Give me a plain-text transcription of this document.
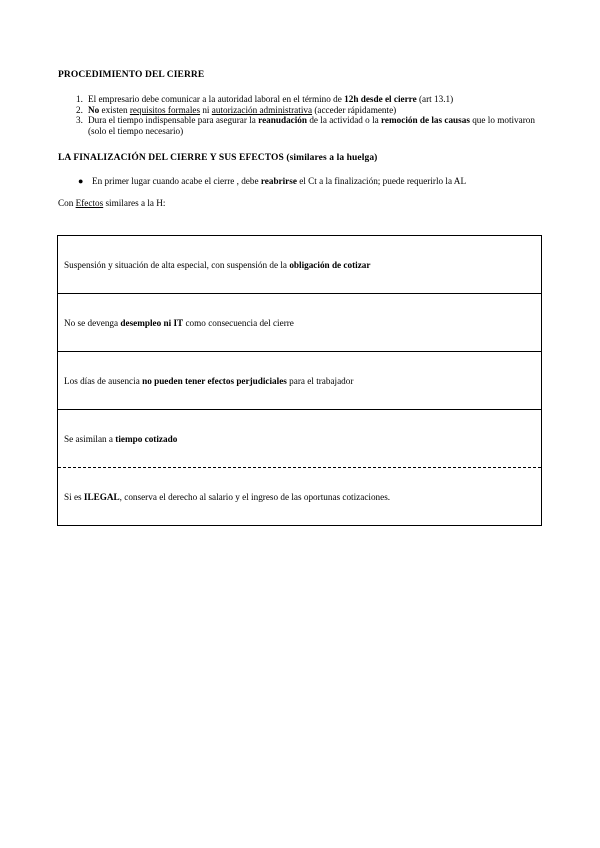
PROCEDIMIENTO DEL CIERRE
1. El empresario debe comunicar a la autoridad laboral en el término de 12h desde el cierre (art 13.1)
2. No existen requisitos formales ni autorización administrativa (acceder rápidamente)
3. Dura el tiempo indispensable para asegurar la reanudación de la actividad o la remoción de las causas que lo motivaron (solo el tiempo necesario)
LA FINALIZACIÓN DEL CIERRE Y SUS EFECTOS (similares a la huelga)
● En primer lugar cuando acabe el cierre , debe reabrirse el Ct a la finalización; puede requerirlo la AL
Con Efectos similares a la H:
Suspensión y situación de alta especial, con suspensión de la obligación de cotizar
No se devenga desempleo ni IT como consecuencia del cierre
Los días de ausencia no pueden tener efectos perjudiciales para el trabajador
Se asimilan a tiempo cotizado
Si es ILEGAL, conserva el derecho al salario y el ingreso de las oportunas cotizaciones.
